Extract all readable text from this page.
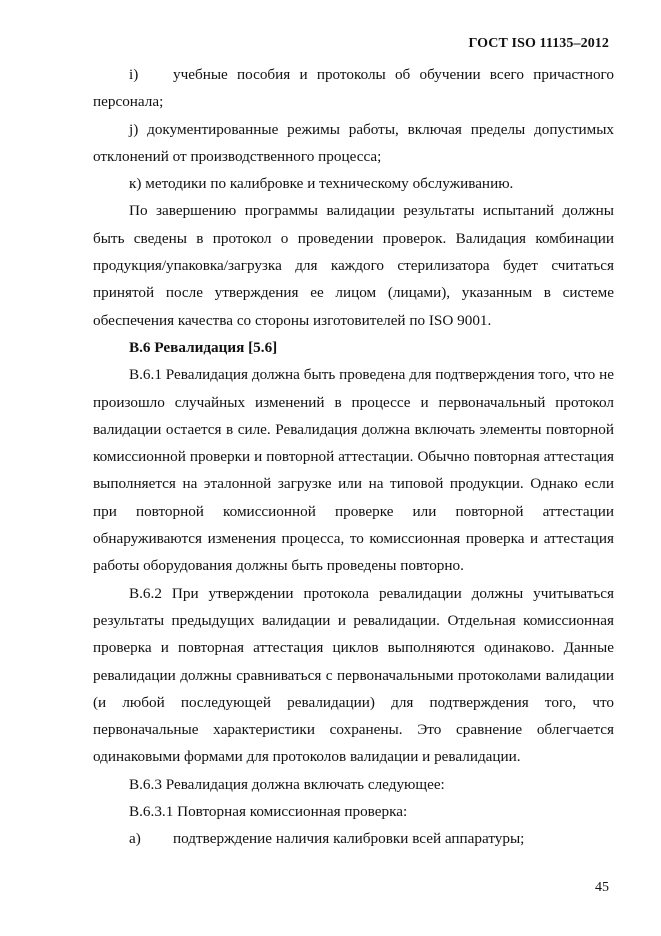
ГОСТ ISO 11135–2012

i) учебные пособия и протоколы об обучении всего причастного персонала;

j) документированные режимы работы, включая пределы допустимых отклонений от производственного процесса;

к) методики по калибровке и техническому обслуживанию.

По завершению программы валидации результаты испытаний должны быть сведены в протокол о проведении проверок. Валидация комбинации продукция/упаковка/загрузка для каждого стерилизатора будет считаться принятой после утверждения ее лицом (лицами), указанным в системе обеспечения качества со стороны изготовителей по ISO 9001.

В.6 Ревалидация [5.6]

В.6.1 Ревалидация должна быть проведена для подтверждения того, что не произошло случайных изменений в процессе и первоначальный протокол валидации остается в силе. Ревалидация должна включать элементы повторной комиссионной проверки и повторной аттестации. Обычно повторная аттестация выполняется на эталонной загрузке или на типовой продукции. Однако если при повторной комиссионной проверке или повторной аттестации обнаруживаются изменения процесса, то комиссионная проверка и аттестация работы оборудования должны быть проведены повторно.

В.6.2 При утверждении протокола ревалидации должны учитываться результаты предыдущих валидации и ревалидации. Отдельная комиссионная проверка и повторная аттестация циклов выполняются одинаково. Данные ревалидации должны сравниваться с первоначальными протоколами валидации (и любой последующей ревалидации) для подтверждения того, что первоначальные характеристики сохранены. Это сравнение облегчается одинаковыми формами для протоколов валидации и ревалидации.

В.6.3 Ревалидация должна включать следующее:

В.6.3.1 Повторная комиссионная проверка:

а) подтверждение наличия калибровки всей аппаратуры;

45
